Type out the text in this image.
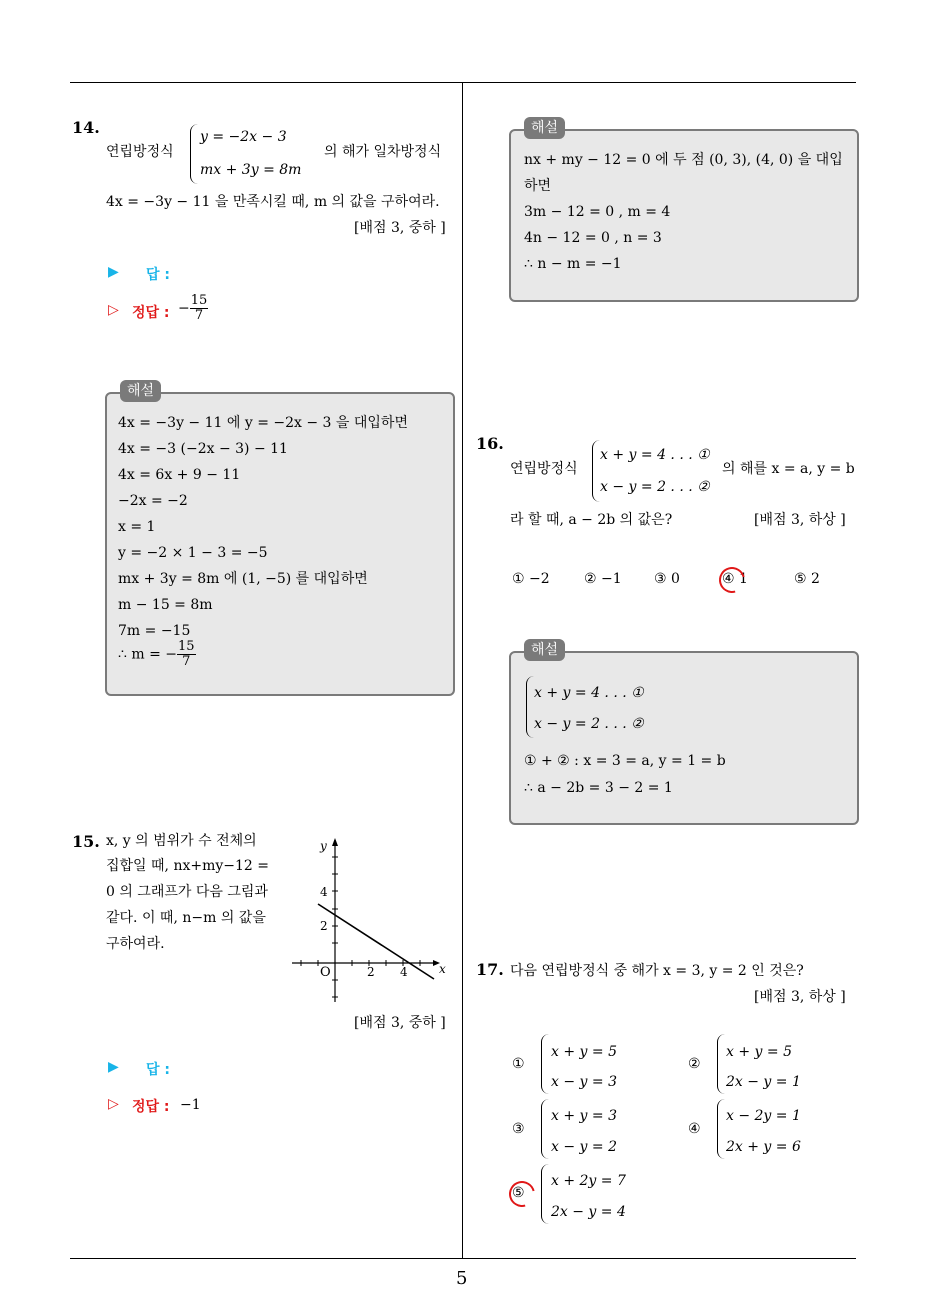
5
14.
연립방정식
y = −2x − 3
mx + 3y = 8m
의 해가 일차방정식
4x = −3y − 11 을 만족시킬 때, m 의 값을 구하여라.
[배점 3, 중하 ]
▶ 답 :
▷ 정답 : − $\frac{15}{7}$
해설
4x = −3y − 11 에 y = −2x − 3 을 대입하면
4x = −3 (−2x − 3) − 11
4x = 6x + 9 − 11
−2x = −2
x = 1
y = −2 × 1 − 3 = −5
mx + 3y = 8m 에 (1, −5) 를 대입하면
m − 15 = 8m
7m = −15
∴ m = − $\frac{15}{7}$
15. x, y 의 범위가 수 전체의
집합일 때, nx+my−12 =
0 의 그래프가 다음 그림과
같다. 이 때, n−m 의 값을
구하여라.
y
x
O
4
2
2 4
[배점 3, 중하 ]
▶ 답 :
▷ 정답 : −1
해설
nx + my − 12 = 0 에 두 점 (0, 3), (4, 0) 을 대입
하면
3m − 12 = 0 , m = 4
4n − 12 = 0 , n = 3
∴ n − m = −1
16.
연립방정식
x + y = 4 . . . ①
x − y = 2 . . . ②
의 해를 x = a, y = b
라 할 때, a − 2b 의 값은?	[배점 3, 하상 ]
① −2 ② −1 ③ 0	④ 1	⑤ 2
해설
x + y = 4 . . . ①
x − y = 2 . . . ②
① + ② : x = 3 = a, y = 1 = b
∴ a − 2b = 3 − 2 = 1
17. 다음 연립방정식 중 해가 x = 3, y = 2 인 것은?
[배점 3, 하상 ]
①
x + y = 5
x − y = 3
②
x + y = 5
2x − y = 1
③
x + y = 3
x − y = 2
④
x − 2y = 1
2x + y = 6
⑤
x + 2y = 7
2x − y = 4
